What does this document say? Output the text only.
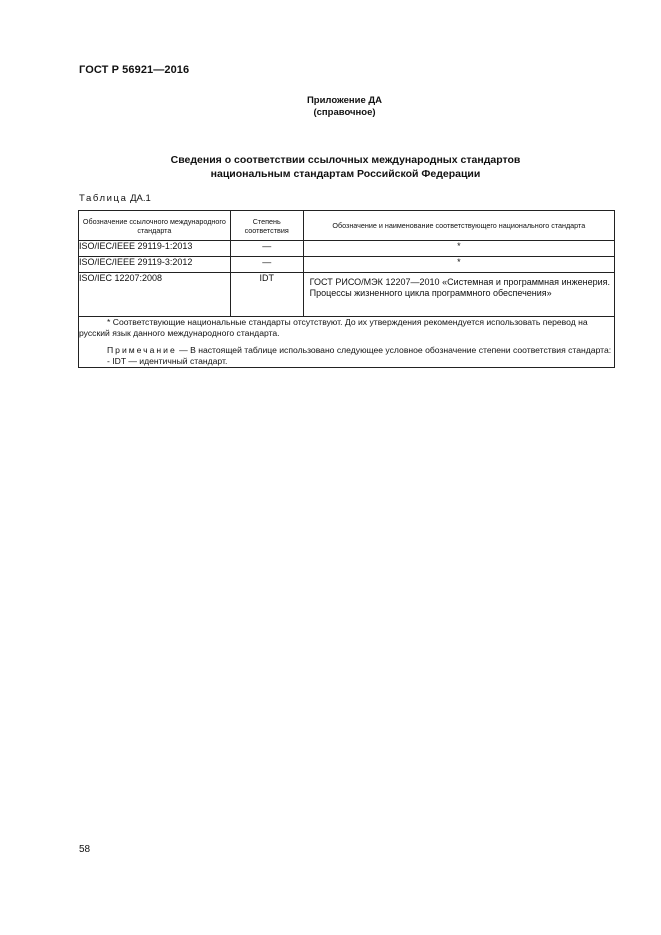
ГОСТ Р 56921—2016
Приложение ДА
(справочное)
Сведения о соответствии ссылочных международных стандартов
национальным стандартам Российской Федерации
Таблица ДА.1
Обозначение ссылочного международного стандарта	Степень соответствия	Обозначение и наименование соответствующего национального стандарта
ISO/IEC/IEEE 29119-1:2013	—	*
ISO/IEC/IEEE 29119-3:2012	—	*
ISO/IEC 12207:2008	IDT	ГОСТ РИСО/МЭК 12207—2010 «Системная и программная инженерия. Процессы жизненного цикла программного обеспечения»

* Соответствующие национальные стандарты отсутствуют. До их утверждения рекомендуется использовать перевод на русский язык данного международного стандарта.

Примечание — В настоящей таблице использовано следующее условное обозначение степени соответствия стандарта:

- IDT — идентичный стандарт.		

58
